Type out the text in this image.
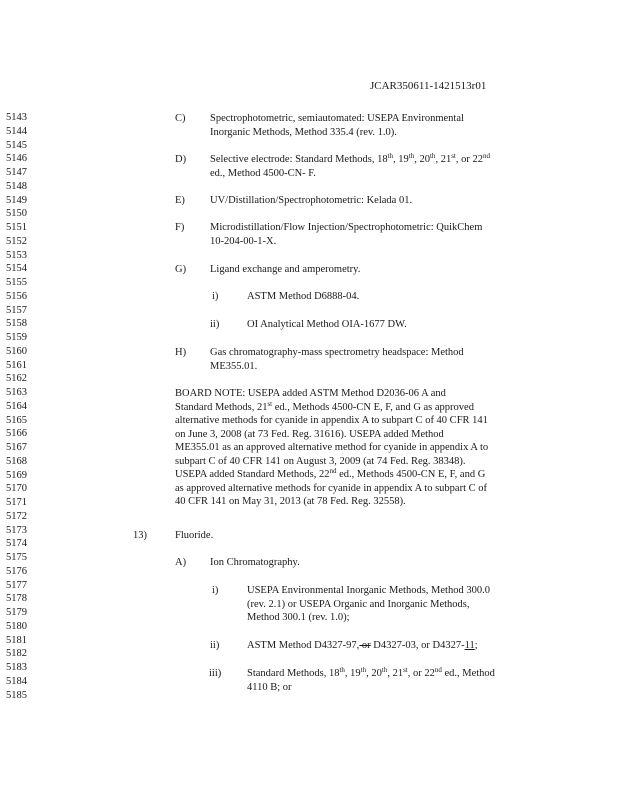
JCAR350611-1421513r01
5143
5144
5145
5146
5147
5148
5149
5150
5151
5152
5153
5154
5155
5156
5157
5158
5159
5160
5161
5162
5163
5164
5165
5166
5167
5168
5169
5170
5171
5172
5173
5174
5175
5176
5177
5178
5179
5180
5181
5182
5183
5184
5185
C) Spectrophotometric, semiautomated: USEPA Environmental
Inorganic Methods, Method 335.4 (rev. 1.0).
D) Selective electrode: Standard Methods, 18th, 19th, 20th, 21st, or 22nd
ed., Method 4500-CN- F.
E) UV/Distillation/Spectrophotometric: Kelada 01.
F) Microdistillation/Flow Injection/Spectrophotometric: QuikChem
10-204-00-1-X.
G) Ligand exchange and amperometry.
i)	ASTM Method D6888-04.
ii)	OI Analytical Method OIA-1677 DW.
H) Gas chromatography-mass spectrometry headspace: Method
ME355.01.
BOARD NOTE: USEPA added ASTM Method D2036-06 A and
Standard Methods, 21st ed., Methods 4500-CN E, F, and G as approved
alternative methods for cyanide in appendix A to subpart C of 40 CFR 141
on June 3, 2008 (at 73 Fed. Reg. 31616). USEPA added Method
ME355.01 as an approved alternative method for cyanide in appendix A to
subpart C of 40 CFR 141 on August 3, 2009 (at 74 Fed. Reg. 38348).
USEPA added Standard Methods, 22nd ed., Methods 4500-CN E, F, and G
as approved alternative methods for cyanide in appendix A to subpart C of
40 CFR 141 on May 31, 2013 (at 78 Fed. Reg. 32558).
13)	Fluoride.
A) Ion Chromatography.
i)	USEPA Environmental Inorganic Methods, Method 300.0
(rev. 2.1) or USEPA Organic and Inorganic Methods,
Method 300.1 (rev. 1.0);
ii)	ASTM Method D4327-97, or D4327-03, or D4327-11;
iii) Standard Methods, 18th, 19th, 20th, 21st, or 22nd ed., Method
4110 B; or
